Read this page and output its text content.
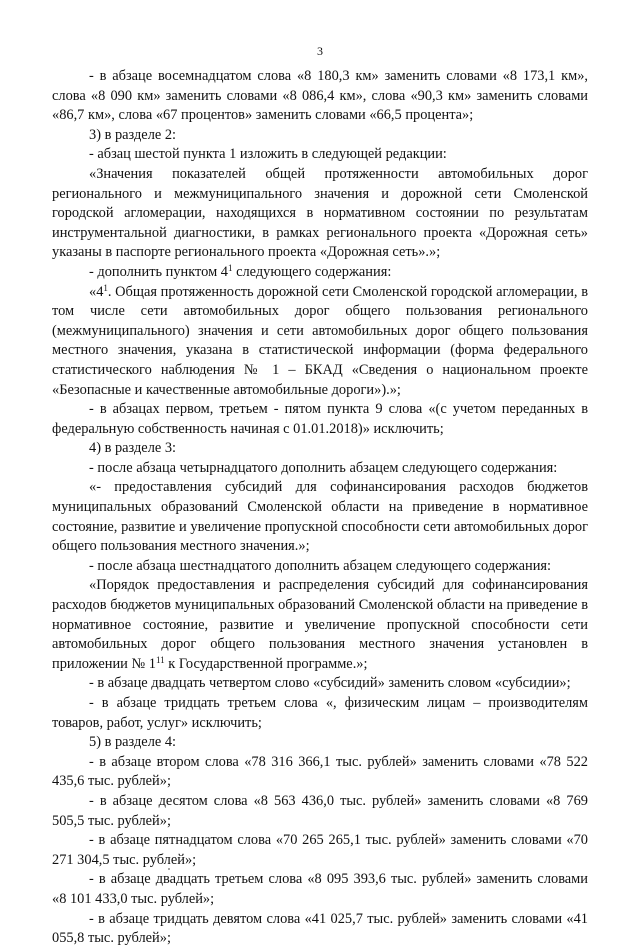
3

- в абзаце восемнадцатом слова «8 180,3 км» заменить словами «8 173,1 км», слова «8 090 км» заменить словами «8 086,4 км», слова «90,3 км» заменить словами «86,7 км», слова «67 процентов» заменить словами «66,5 процента»;

3) в разделе 2:

- абзац шестой пункта 1 изложить в следующей редакции:

«Значения показателей общей протяженности автомобильных дорог регионального и межмуниципального значения и дорожной сети Смоленской городской агломерации, находящихся в нормативном состоянии по результатам инструментальной диагностики, в рамках регионального проекта «Дорожная сеть» указаны в паспорте регионального проекта «Дорожная сеть».»;

- дополнить пунктом $4^1$ следующего содержания:

«$4^1$. Общая протяженность дорожной сети Смоленской городской агломерации, в том числе сети автомобильных дорог общего пользования регионального (межмуниципального) значения и сети автомобильных дорог общего пользования местного значения, указана в статистической информации (форма федерального статистического наблюдения № 1 – БКАД «Сведения о национальном проекте «Безопасные и качественные автомобильные дороги»).»;

- в абзацах первом, третьем - пятом пункта 9 слова «(с учетом переданных в федеральную собственность начиная с 01.01.2018)» исключить;

4) в разделе 3:

- после абзаца четырнадцатого дополнить абзацем следующего содержания:

«- предоставления субсидий для софинансирования расходов бюджетов муниципальных образований Смоленской области на приведение в нормативное состояние, развитие и увеличение пропускной способности сети автомобильных дорог общего пользования местного значения.»;

- после абзаца шестнадцатого дополнить абзацем следующего содержания:

«Порядок предоставления и распределения субсидий для софинансирования расходов бюджетов муниципальных образований Смоленской области на приведение в нормативное состояние, развитие и увеличение пропускной способности сети автомобильных дорог общего пользования местного значения установлен в приложении № $1^{11}$ к Государственной программе.»;

- в абзаце двадцать четвертом слово «субсидий» заменить словом «субсидии»;

- в абзаце тридцать третьем слова «, физическим лицам – производителям товаров, работ, услуг» исключить;

5) в разделе 4:

- в абзаце втором слова «78 316 366,1 тыс. рублей» заменить словами «78 522 435,6 тыс. рублей»;

- в абзаце десятом слова «8 563 436,0 тыс. рублей» заменить словами «8 769 505,5 тыс. рублей»;

- в абзаце пятнадцатом слова «70 265 265,1 тыс. рублей» заменить словами «70 271 304,5 тыс. рублей»;

- в абзаце двадцать третьем слова «8 095 393,6 тыс. рублей» заменить словами «8 101 433,0 тыс. рублей»;

- в абзаце тридцать девятом слова «41 025,7 тыс. рублей» заменить словами «41 055,8 тыс. рублей»;
